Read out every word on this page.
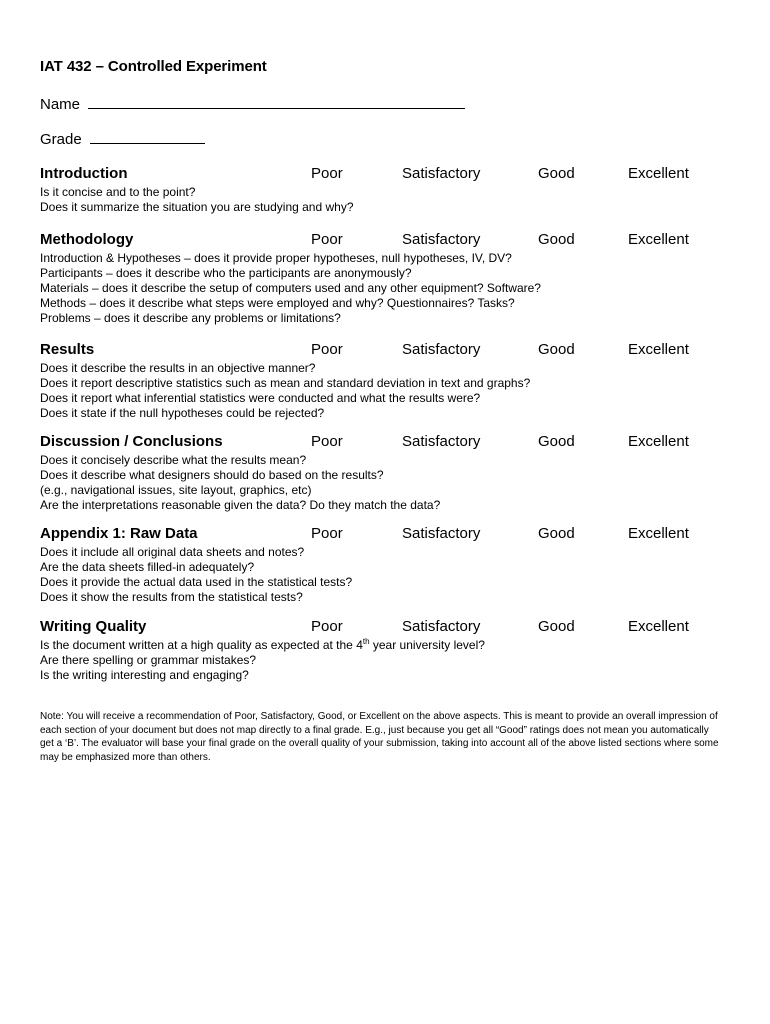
IAT 432 – Controlled Experiment
Name
Grade
Introduction	Poor	Satisfactory	Good	Excellent
Is it concise and to the point?
Does it summarize the situation you are studying and why?
Methodology	Poor	Satisfactory	Good	Excellent
Introduction & Hypotheses – does it provide proper hypotheses, null hypotheses, IV, DV?
Participants – does it describe who the participants are anonymously?
Materials – does it describe the setup of computers used and any other equipment? Software?
Methods – does it describe what steps were employed and why? Questionnaires? Tasks?
Problems – does it describe any problems or limitations?
Results	Poor	Satisfactory	Good	Excellent
Does it describe the results in an objective manner?
Does it report descriptive statistics such as mean and standard deviation in text and graphs?
Does it report what inferential statistics were conducted and what the results were?
Does it state if the null hypotheses could be rejected?
Discussion / Conclusions	Poor	Satisfactory	Good	Excellent
Does it concisely describe what the results mean?
Does it describe what designers should do based on the results?
(e.g., navigational issues, site layout, graphics, etc)
Are the interpretations reasonable given the data? Do they match the data?
Appendix 1: Raw Data	Poor	Satisfactory	Good	Excellent
Does it include all original data sheets and notes?
Are the data sheets filled-in adequately?
Does it provide the actual data used in the statistical tests?
Does it show the results from the statistical tests?
Writing Quality	Poor	Satisfactory	Good	Excellent
Is the document written at a high quality as expected at the 4th year university level?
Are there spelling or grammar mistakes?
Is the writing interesting and engaging?
Note: You will receive a recommendation of Poor, Satisfactory, Good, or Excellent on the above aspects. This is meant to provide an overall impression of each section of your document but does not map directly to a final grade. E.g., just because you get all “Good” ratings does not mean you automatically get a ‘B’. The evaluator will base your final grade on the overall quality of your submission, taking into account all of the above listed sections where some may be emphasized more than others.
